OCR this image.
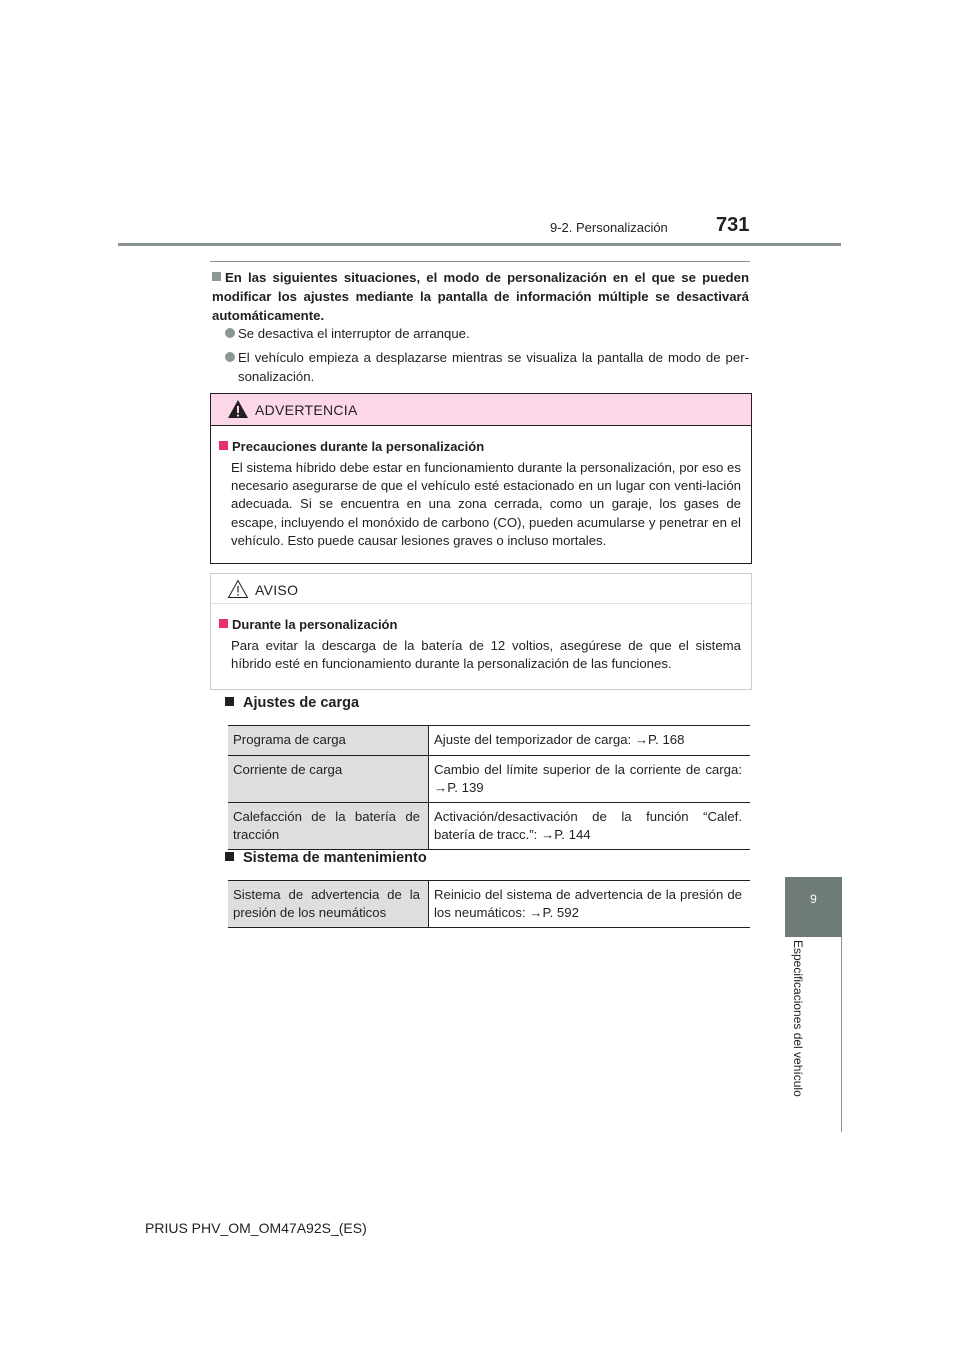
9-2. Personalización 731
9
Especificaciones del vehículo
En las siguientes situaciones, el modo de personalización en el que se pueden modificar los ajustes mediante la pantalla de información múltiple se desactivará automáticamente.
Se desactiva el interruptor de arranque.
El vehículo empieza a desplazarse mientras se visualiza la pantalla de modo de per-sonalización.
ADVERTENCIA
Precauciones durante la personalización
El sistema híbrido debe estar en funcionamiento durante la personalización, por eso es necesario asegurarse de que el vehículo esté estacionado en un lugar con venti-lación adecuada. Si se encuentra en una zona cerrada, como un garaje, los gases de escape, incluyendo el monóxido de carbono (CO), pueden acumularse y penetrar en el vehículo. Esto puede causar lesiones graves o incluso mortales.
AVISO
Durante la personalización
Para evitar la descarga de la batería de 12 voltios, asegúrese de que el sistema híbrido esté en funcionamiento durante la personalización de las funciones.
Ajustes de carga
Programa de carga	Ajuste del temporizador de carga: →P. 168
Corriente de carga	Cambio del límite superior de la corriente de carga: →P. 139
Calefacción de la batería de tracción	Activación/desactivación de la función “Calef. batería de tracc.”: →P. 144
Sistema de mantenimiento
Sistema de advertencia de la presión de los neumáticos	Reinicio del sistema de advertencia de la presión de los neumáticos: →P. 592
PRIUS PHV_OM_OM47A92S_(ES)
